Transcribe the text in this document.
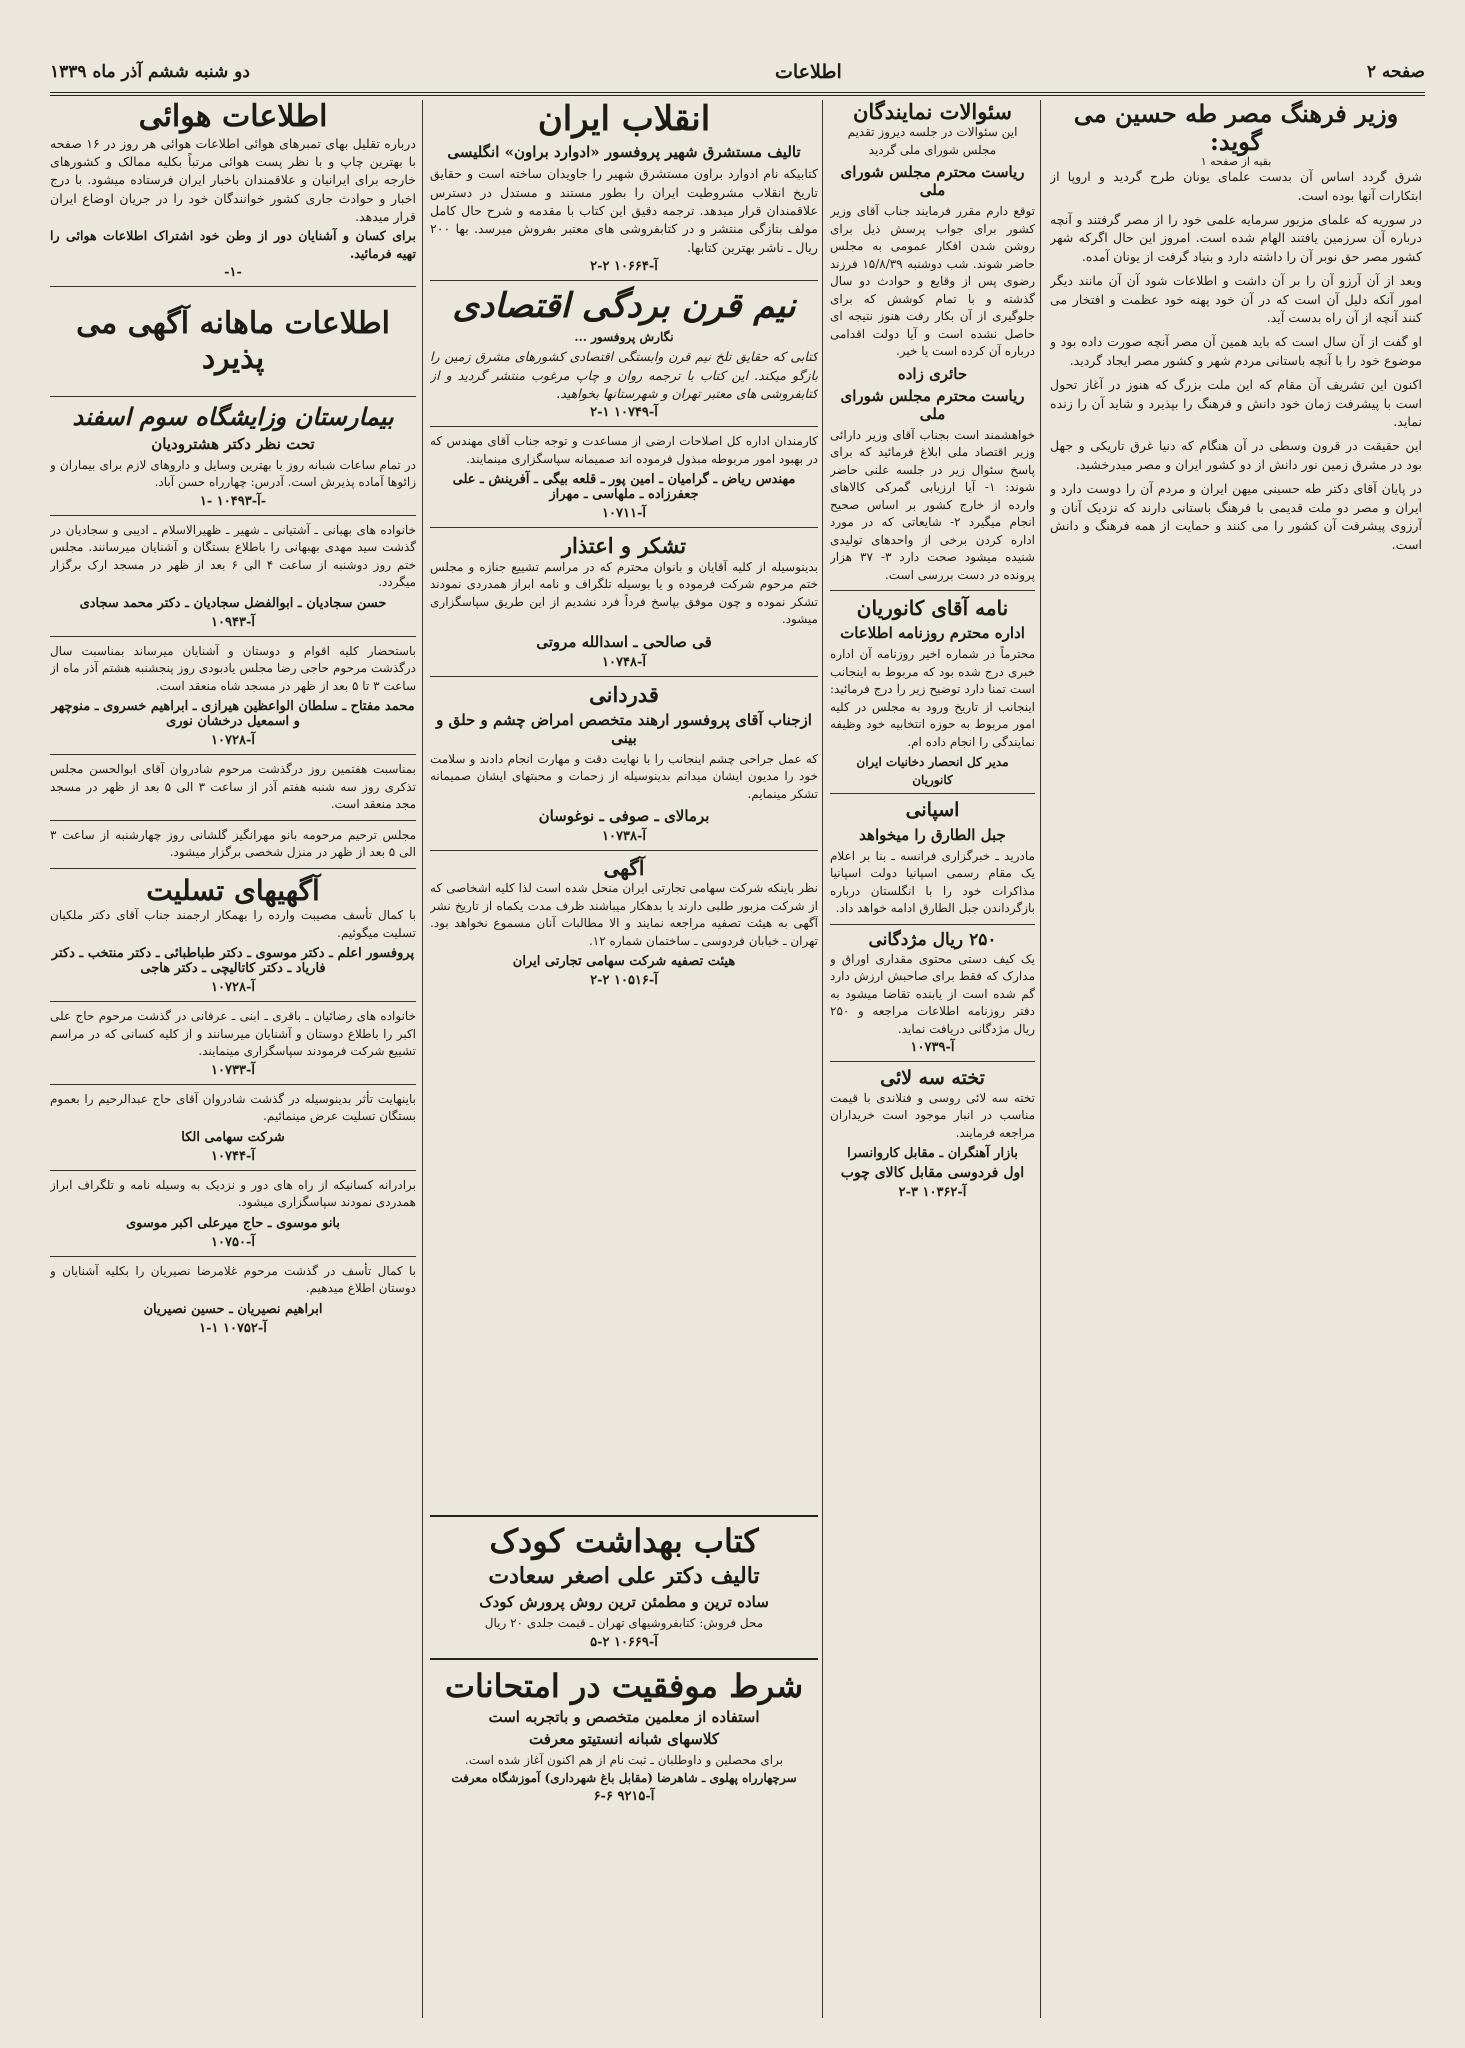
صفحه ۲
اطلاعات
دو شنبه ششم آذر ماه ۱۳۳۹
وزیر فرهنگ مصر طه حسین می گوید:
بقیه از صفحه ۱

شرق گردد اساس آن بدست علمای یونان طرح گردید و اروپا از ابتکارات آنها بوده است.

در سوریه که علمای مزبور سرمایه علمی خود را از مصر گرفتند و آنچه درباره آن سرزمین یافتند الهام شده است. امروز این حال اگرکه شهر کشور مصر حق نوبر آن را داشته دارد و بنیاد گرفت از یونان آمده.

وبعد از آن آرزو آن را بر آن داشت و اطلاعات شود آن آن مانند دیگر امور آنکه دلیل آن است که در آن خود پهنه خود عظمت و افتخار می کنند آنچه از آن راه بدست آید.

او گفت از آن سال است که باید همین آن مصر آنچه صورت داده بود و موضوع خود را با آنچه باستانی مردم شهر و کشور مصر ایجاد گردید.

اکنون این تشریف آن مقام که این ملت بزرگ که هنوز در آغاز تحول است با پیشرفت زمان خود دانش و فرهنگ را بپذیرد و شاید آن را زنده نماید.

این حقیقت در قرون وسطی در آن هنگام که دنیا غرق تاریکی و جهل بود در مشرق زمین نور دانش از دو کشور ایران و مصر میدرخشید.

در پایان آقای دکتر طه حسینی میهن ایران و مردم آن را دوست دارد و ایران و مصر دو ملت قدیمی با فرهنگ باستانی دارند که نزدیک آنان و آرزوی پیشرفت آن کشور را می کنند و حمایت از همه فرهنگ و دانش است.

سئوالات نمایندگان
این سئوالات در جلسه دیروز تقدیم مجلس شورای ملی گردید
ریاست محترم مجلس شورای ملی
توقع دارم مقرر فرمایند جناب آقای وزیر کشور برای جواب پرسش ذیل برای روشن شدن افکار عمومی به مجلس حاضر شوند. شب دوشنبه ۱۵/۸/۳۹ فرزند رضوی پس از وقایع و حوادث دو سال گذشته و با تمام کوشش که برای جلوگیری از آن بکار رفت هنوز نتیجه ای حاصل نشده است و آیا دولت اقدامی درباره آن کرده است یا خیر.
حائری زاده
ریاست محترم مجلس شورای ملی
خواهشمند است بجناب آقای وزیر دارائی وزیر اقتصاد ملی ابلاغ فرمائید که برای پاسخ سئوال زیر در جلسه علنی حاضر شوند: ۱- آیا ارزیابی گمرکی کالاهای وارده از خارج کشور بر اساس صحیح انجام میگیرد ۲- شایعاتی که در مورد اداره کردن برخی از واحدهای تولیدی شنیده میشود صحت دارد ۳- ۳۷ هزار پرونده در دست بررسی است.
نامه آقای کانوریان
اداره محترم روزنامه اطلاعات
محترماً در شماره اخیر روزنامه آن اداره خبری درج شده بود که مربوط به اینجانب است تمنا دارد توضیح زیر را درج فرمائید: اینجانب از تاریخ ورود به مجلس در کلیه امور مربوط به حوزه انتخابیه خود وظیفه نمایندگی را انجام داده ام.
مدیر کل انحصار دخانیات ایران
کانوریان
اسپانی
جبل الطارق را میخواهد
مادرید ـ خبرگزاری فرانسه ـ بنا بر اعلام یک مقام رسمی اسپانیا دولت اسپانیا مذاکرات خود را با انگلستان درباره بازگرداندن جبل الطارق ادامه خواهد داد.
۲۵۰ ریال مژدگانی
یک کیف دستی محتوی مقداری اوراق و مدارک که فقط برای صاحبش ارزش دارد گم شده است از یابنده تقاضا میشود به دفتر روزنامه اطلاعات مراجعه و ۲۵۰ ریال مژدگانی دریافت نماید.
آ-۱۰۷۳۹
تخته سه لائی
تخته سه لائی روسی و فنلاندی با قیمت مناسب در انبار موجود است خریداران مراجعه فرمایند.
بازار آهنگران ـ مقابل کاروانسرا
اول فردوسی مقابل کالای چوب
آ-۱۰۳۶۲ ۳-۲
انقلاب ایران
تالیف مستشرق شهیر پروفسور «ادوارد براون» انگلیسی
کتابیکه نام ادوارد براون مستشرق شهیر را جاویدان ساخته است و حقایق تاریخ انقلاب مشروطیت ایران را بطور مستند و مستدل در دسترس علاقمندان قرار میدهد. ترجمه دقیق این کتاب با مقدمه و شرح حال کامل مولف بتازگی منتشر و در کتابفروشی های معتبر بفروش میرسد. بها ۲۰۰ ریال ـ ناشر بهترین کتابها.
آ-۱۰۶۶۴ ۲-۲
نیم قرن بردگی اقتصادی
نگارش پروفسور ...
کتابی که حقایق تلخ نیم قرن وابستگی اقتصادی کشورهای مشرق زمین را بازگو میکند. این کتاب با ترجمه روان و چاپ مرغوب منتشر گردید و از کتابفروشی های معتبر تهران و شهرستانها بخواهید.
آ-۱۰۷۴۹ ۱-۲
کارمندان اداره کل اصلاحات ارضی از مساعدت و توجه جناب آقای مهندس که در بهبود امور مربوطه مبذول فرموده اند صمیمانه سپاسگزاری مینمایند.
مهندس ریاض ـ گرامیان ـ امین پور ـ قلعه بیگی ـ آفرینش ـ علی جعفرزاده ـ ملهاسی ـ مهراز
آ-۱۰۷۱۱
تشکر و اعتذار
بدینوسیله از کلیه آقایان و بانوان محترم که در مراسم تشییع جنازه و مجلس ختم مرحوم شرکت فرموده و یا بوسیله تلگراف و نامه ابراز همدردی نمودند تشکر نموده و چون موفق بپاسخ فرداً فرد نشدیم از این طریق سپاسگزاری میشود.
قی صالحی ـ اسدالله مروتی
آ-۱۰۷۴۸
قدردانی
ازجناب آقای پروفسور ارهند متخصص امراض چشم و حلق و بینی
که عمل جراحی چشم اینجانب را با نهایت دقت و مهارت انجام دادند و سلامت خود را مدیون ایشان میدانم بدینوسیله از زحمات و محبتهای ایشان صمیمانه تشکر مینمایم.
برمالای ـ صوفی ـ نوغوسان
آ-۱۰۷۳۸
آگهی
نظر باینکه شرکت سهامی تجارتی ایران منحل شده است لذا کلیه اشخاصی که از شرکت مزبور طلبی دارند یا بدهکار میباشند ظرف مدت یکماه از تاریخ نشر آگهی به هیئت تصفیه مراجعه نمایند و الا مطالبات آنان مسموع نخواهد بود. تهران ـ خیابان فردوسی ـ ساختمان شماره ۱۲.
هیئت تصفیه شرکت سهامی تجارتی ایران
آ-۱۰۵۱۶ ۲-۲
کتاب بهداشت کودک
تالیف دکتر علی اصغر سعادت
ساده ترین و مطمئن ترین روش پرورش کودک
محل فروش: کتابفروشیهای تهران ـ قیمت جلدی ۲۰ ریال
آ-۱۰۶۶۹ ۲-۵
شرط موفقیت در امتحانات
استفاده از معلمین متخصص و باتجربه است
کلاسهای شبانه انستیتو معرفت
برای محصلین و داوطلبان ـ ثبت نام از هم اکنون آغاز شده است.
سرچهارراه پهلوی ـ شاهرضا (مقابل باغ شهرداری) آموزشگاه معرفت
آ-۹۲۱۵ ۶-۶
اطلاعات هوائی
درباره تقلیل بهای تمبرهای هوائی اطلاعات هوائی هر روز در ۱۶ صفحه با بهترین چاپ و با نظر پست هوائی مرتباً بکلیه ممالک و کشورهای خارجه برای ایرانیان و علاقمندان باخبار ایران فرستاده میشود. با درج اخبار و حوادث جاری کشور خوانندگان خود را در جریان اوضاع ایران قرار میدهد.
برای کسان و آشنایان دور از وطن خود اشتراک اطلاعات هوائی را تهیه فرمائید.
-۱-
اطلاعات ماهانه آگهی می پذیرد
بیمارستان وزایشگاه سوم اسفند
تحت نظر دکتر هشترودیان
در تمام ساعات شبانه روز با بهترین وسایل و داروهای لازم برای بیماران و زائوها آماده پذیرش است. آدرس: چهارراه حسن آباد.
آ-۱۰۴۹۳ -۱-
خانواده های بهبانی ـ آشتیانی ـ شهیر ـ ظهیرالاسلام ـ ادیبی و سجادیان در گذشت سید مهدی بهبهانی را باطلاع بستگان و آشنایان میرسانند. مجلس ختم روز دوشنبه از ساعت ۴ الی ۶ بعد از ظهر در مسجد ارک برگزار میگردد.
حسن سجادیان ـ ابوالفضل سجادیان ـ دکتر محمد سجادی
آ-۱۰۹۴۳
باستحضار کلیه اقوام و دوستان و آشنایان میرساند بمناسبت سال درگذشت مرحوم حاجی رضا مجلس یادبودی روز پنجشنبه هشتم آذر ماه از ساعت ۳ تا ۵ بعد از ظهر در مسجد شاه منعقد است.
محمد مفتاح ـ سلطان الواعظین هیرازی ـ ابراهیم خسروی ـ منوچهر و اسمعیل درخشان نوری
آ-۱۰۷۲۸
بمناسبت هفتمین روز درگذشت مرحوم شادروان آقای ابوالحسن مجلس تذکری روز سه شنبه هفتم آذر از ساعت ۳ الی ۵ بعد از ظهر در مسجد مجد منعقد است.
مجلس ترحیم مرحومه بانو مهرانگیز گلشانی روز چهارشنبه از ساعت ۳ الی ۵ بعد از ظهر در منزل شخصی برگزار میشود.
آگهیهای تسلیت
با کمال تأسف مصیبت وارده را بهمکار ارجمند جناب آقای دکتر ملکیان تسلیت میگوئیم.
پروفسور اعلم ـ دکتر موسوی ـ دکتر طباطبائی ـ دکتر منتخب ـ دکتر فاریاد ـ دکتر کاتالیچی ـ دکتر هاجی
آ-۱۰۷۲۸
خانواده های رضائیان ـ باقری ـ ابنی ـ عرفانی در گذشت مرحوم حاج علی اکبر را باطلاع دوستان و آشنایان میرسانند و از کلیه کسانی که در مراسم تشییع شرکت فرمودند سپاسگزاری مینمایند.
آ-۱۰۷۳۳
باینهایت تأثر بدینوسیله در گذشت شادروان آقای حاج عبدالرحیم را بعموم بستگان تسلیت عرض مینمائیم.
شرکت سهامی الکا
آ-۱۰۷۴۴
برادرانه کسانیکه از راه های دور و نزدیک به وسیله نامه و تلگراف ابراز همدردی نمودند سپاسگزاری میشود.
بانو موسوی ـ حاج میرعلی اکبر موسوی
آ-۱۰۷۵۰
با کمال تأسف در گذشت مرحوم غلامرضا نصیریان را بکلیه آشنایان و دوستان اطلاع میدهیم.
ابراهیم نصیریان ـ حسین نصیریان
آ-۱۰۷۵۲ ۱-۱
